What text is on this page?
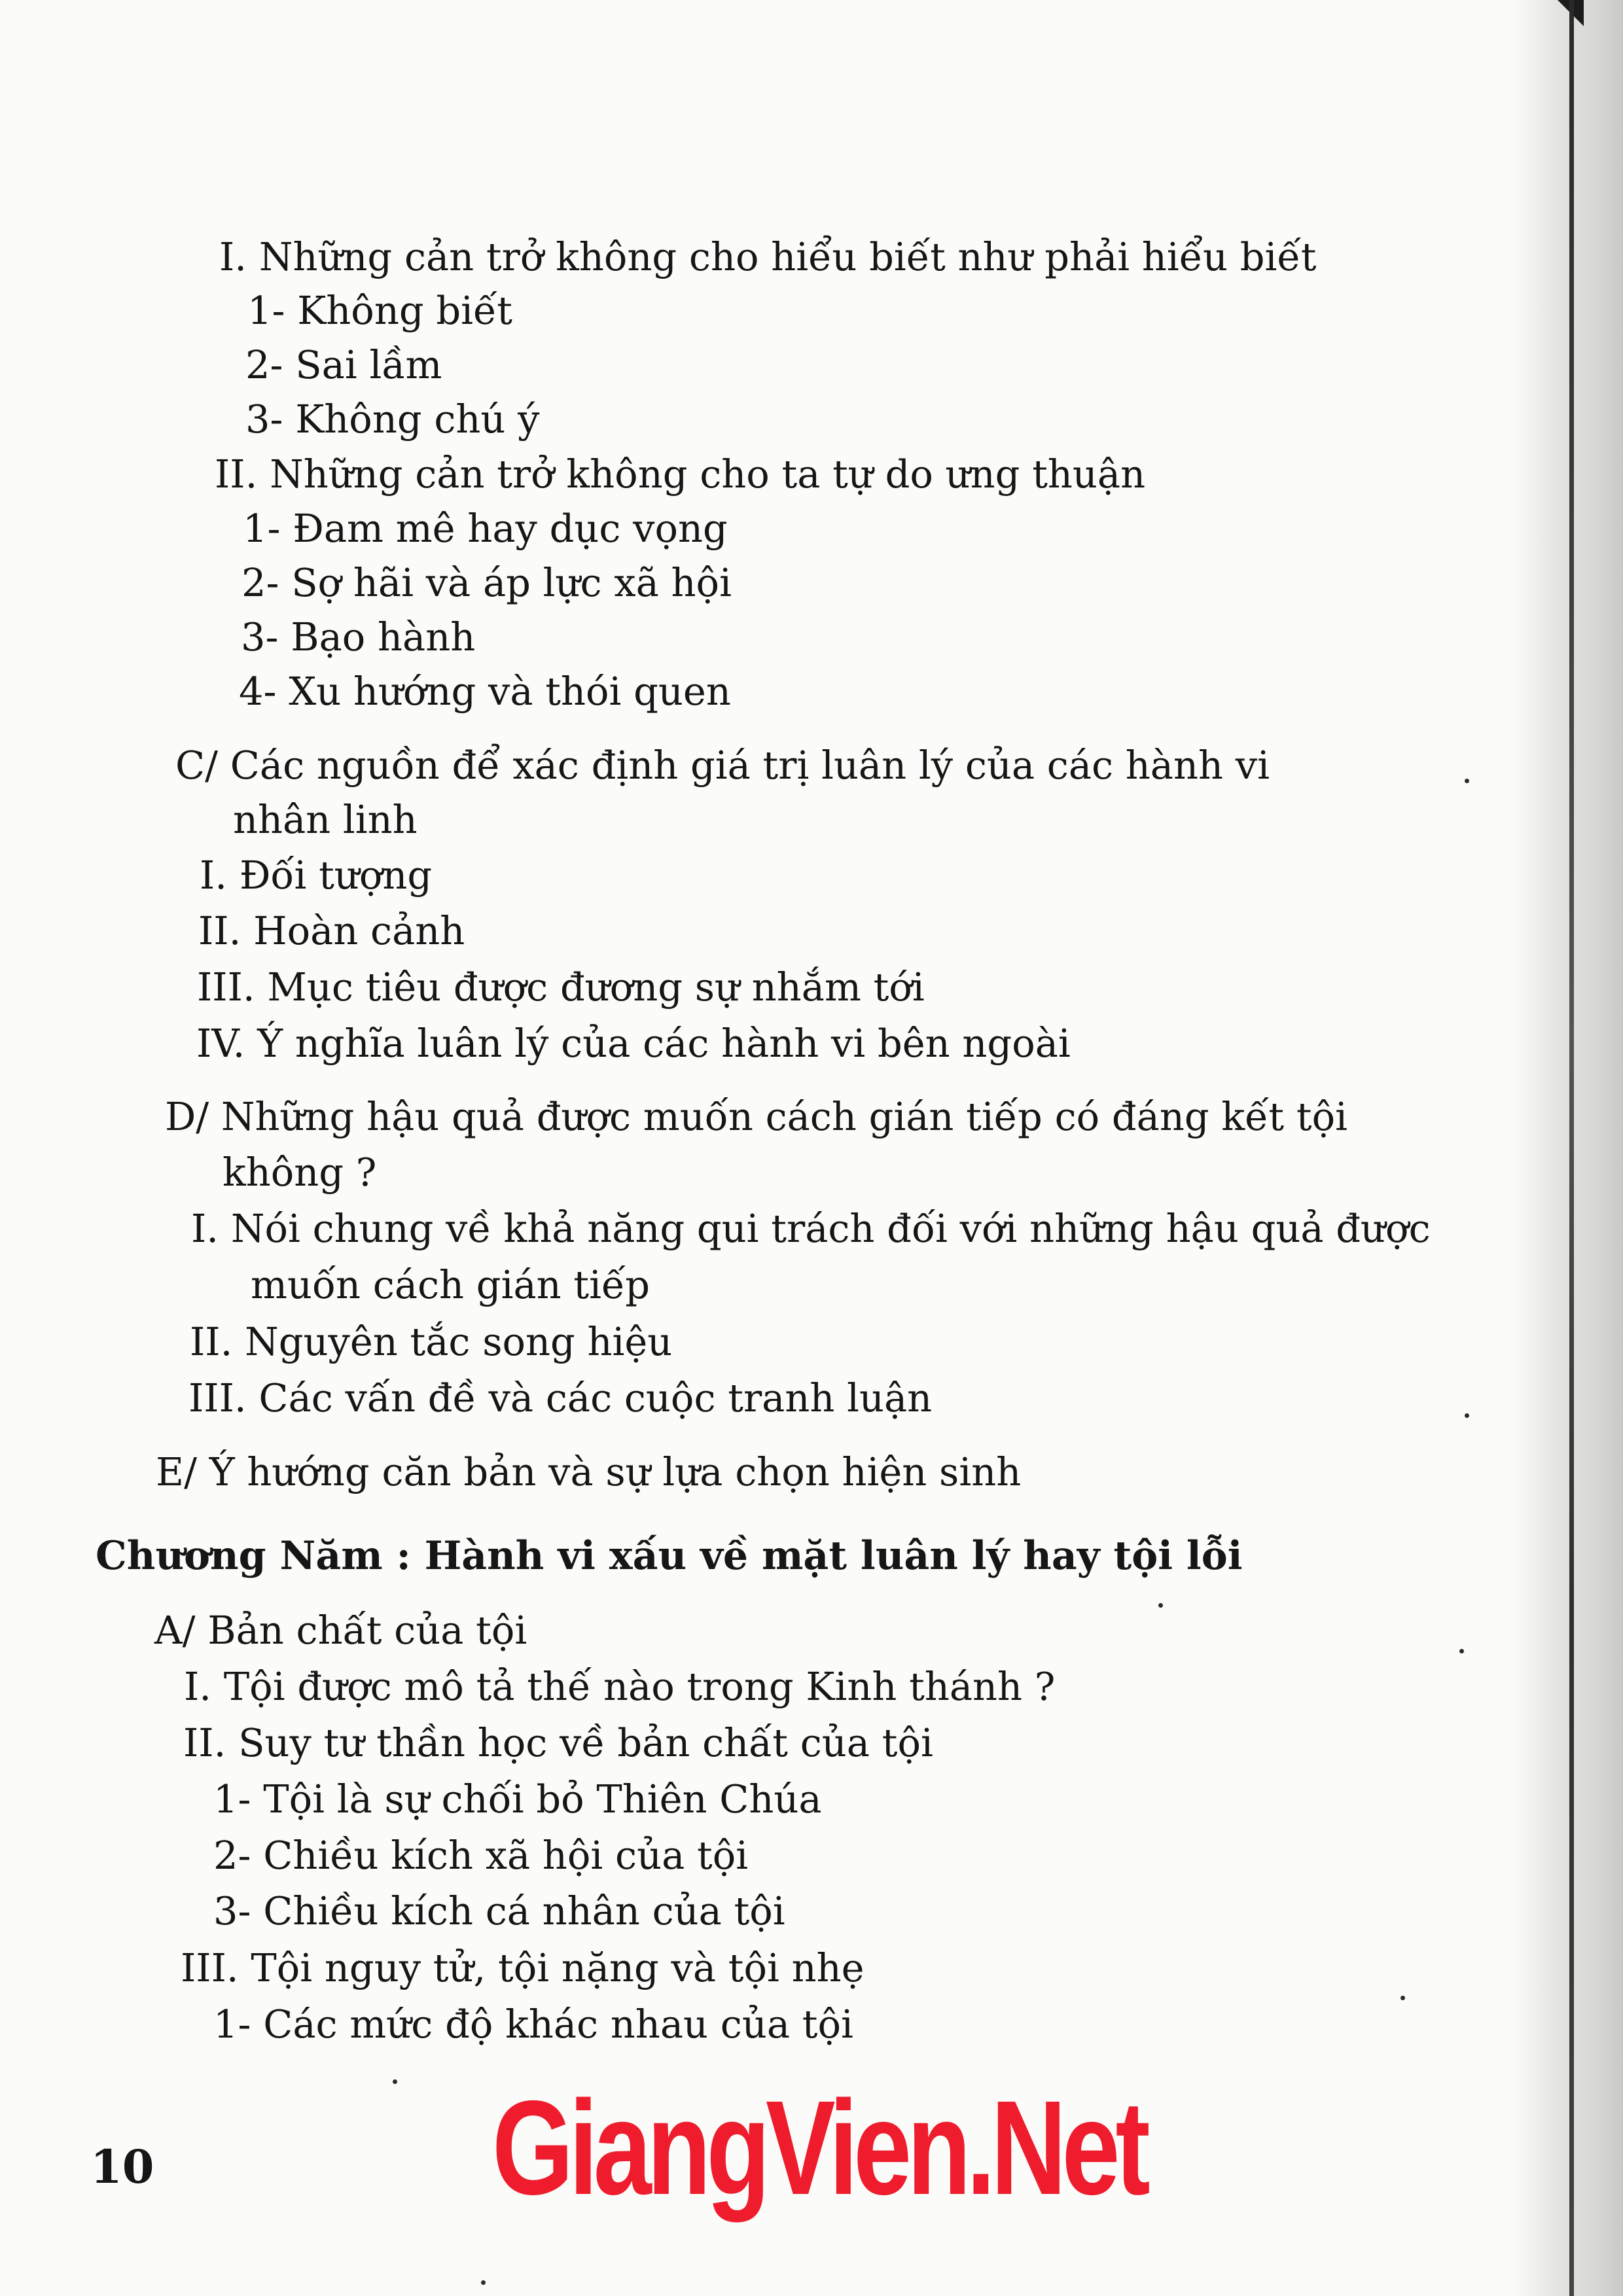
I. Những cản trở không cho hiểu biết như phải hiểu biết
1- Không biết
2- Sai lầm
3- Không chú ý
II. Những cản trở không cho ta tự do ưng thuận
1- Đam mê hay dục vọng
2- Sợ hãi và áp lực xã hội
3- Bạo hành
4- Xu hướng và thói quen
C/ Các nguồn để xác định giá trị luân lý của các hành vi
nhân linh
I. Đối tượng
II. Hoàn cảnh
III. Mục tiêu được đương sự nhắm tới
IV. Ý nghĩa luân lý của các hành vi bên ngoài
D/ Những hậu quả được muốn cách gián tiếp có đáng kết tội
không ?
I. Nói chung về khả năng qui trách đối với những hậu quả được
muốn cách gián tiếp
II. Nguyên tắc song hiệu
III. Các vấn đề và các cuộc tranh luận
E/ Ý hướng căn bản và sự lựa chọn hiện sinh
Chương Năm : Hành vi xấu về mặt luân lý hay tội lỗi
A/ Bản chất của tội
I. Tội được mô tả thế nào trong Kinh thánh ?
II. Suy tư thần học về bản chất của tội
1- Tội là sự chối bỏ Thiên Chúa
2- Chiều kích xã hội của tội
3- Chiều kích cá nhân của tội
III. Tội nguy tử, tội nặng và tội nhẹ
1- Các mức độ khác nhau của tội
10	GiangVien.Net
